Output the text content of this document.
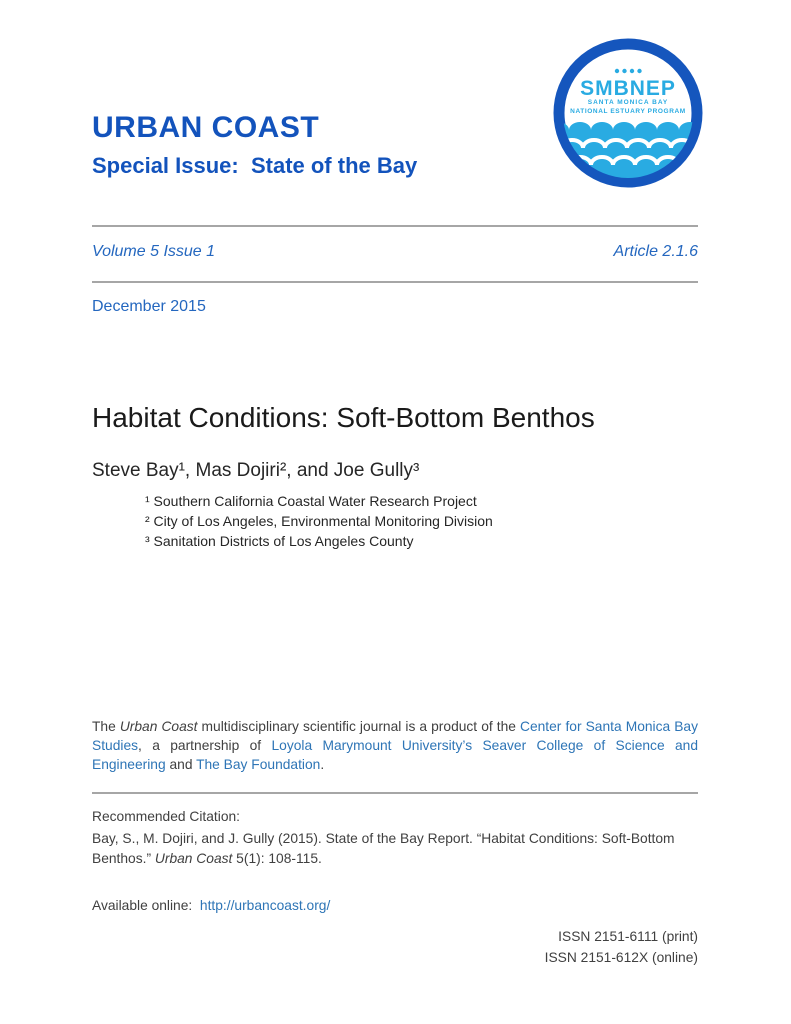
URBAN COAST
Special Issue:  State of the Bay
SMBNEP
SANTA MONICA BAY
NATIONAL ESTUARY PROGRAM
Volume 5 Issue 1	Article 2.1.6
December 2015
Habitat Conditions: Soft-Bottom Benthos
Steve Bay¹, Mas Dojiri², and Joe Gully³
¹ Southern California Coastal Water Research Project
² City of Los Angeles, Environmental Monitoring Division
³ Sanitation Districts of Los Angeles County

The Urban Coast multidisciplinary scientific journal is a product of the Center for Santa Monica Bay Studies, a partnership of Loyola Marymount University’s Seaver College of Science and Engineering and The Bay Foundation.

Recommended Citation:
Bay, S., M. Dojiri, and J. Gully (2015). State of the Bay Report. “Habitat Conditions: Soft-Bottom Benthos.” Urban Coast 5(1): 108-115.
Available online:  http://urbancoast.org/
ISSN 2151-6111 (print)
ISSN 2151-612X (online)
